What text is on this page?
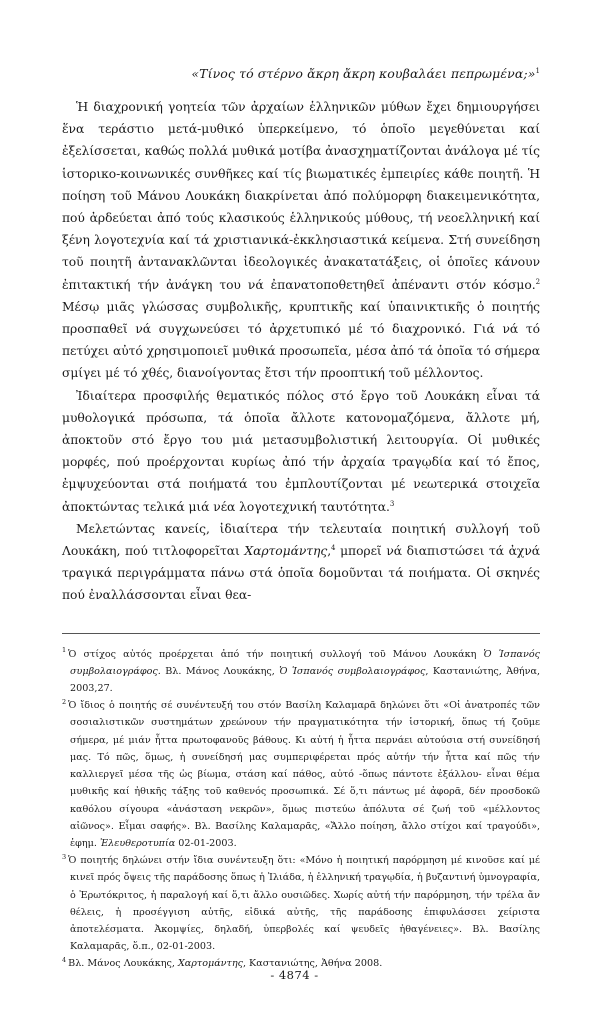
«Τίνος τό στέρνο ἄκρη ἄκρη κουβαλάει πεπρωμένα;»$^1$

Ἡ διαχρονική γοητεία τῶν ἀρχαίων ἑλληνικῶν μύθων ἔχει δημιουργήσει ἕνα τεράστιο μετά-μυθικό ὑπερκείμενο, τό ὁποῖο μεγεθύνεται καί ἐξελίσσεται, καθώς πολλά μυθικά μοτίβα ἀνασχηματίζονται ἀνάλογα μέ τίς ἱστορικο-κοινωνικές συνθῆκες καί τίς βιωματικές ἐμπειρίες κάθε ποιητῆ. Ἡ ποίηση τοῦ Μάνου Λουκάκη διακρίνεται ἀπό πολύμορφη διακειμενικότητα, πού ἀρδεύεται ἀπό τούς κλασικούς ἑλληνικούς μύθους, τή νεοελληνική καί ξένη λογοτεχνία καί τά χριστιανικά-ἐκκλησιαστικά κείμενα. Στή συνείδηση τοῦ ποιητῆ ἀντανακλῶνται ἰδεολογικές ἀνακατατάξεις, οἱ ὁποῖες κάνουν ἐπιτακτική τήν ἀνάγκη του νά ἐπανατοποθετηθεῖ ἀπέναντι στόν κόσμο.$^2$ Μέσῳ μιᾶς γλώσσας συμβολικῆς, κρυπτικῆς καί ὑπαινικτικῆς ὁ ποιητής προσπαθεῖ νά συγχωνεύσει τό ἀρχετυπικό μέ τό διαχρονικό. Γιά νά τό πετύχει αὐτό χρησιμοποιεῖ μυθικά προσωπεῖα, μέσα ἀπό τά ὁποῖα τό σήμερα σμίγει μέ τό χθές, διανοίγοντας ἔτσι τήν προοπτική τοῦ μέλλοντος.

Ἰδιαίτερα προσφιλής θεματικός πόλος στό ἔργο τοῦ Λουκάκη εἶναι τά μυθολογικά πρόσωπα, τά ὁποῖα ἄλλοτε κατονομαζόμενα, ἄλλοτε μή, ἀποκτοῦν στό ἔργο του μιά μετασυμβολιστική λειτουργία. Οἱ μυθικές μορφές, πού προέρχονται κυρίως ἀπό τήν ἀρχαία τραγῳδία καί τό ἔπος, ἐμψυχεύονται στά ποιήματά του ἐμπλουτίζονται μέ νεωτερικά στοιχεῖα ἀποκτώντας τελικά μιά νέα λογοτεχνική ταυτότητα.$^3$

Μελετώντας κανείς, ἰδιαίτερα τήν τελευταία ποιητική συλλογή τοῦ Λουκάκη, πού τιτλοφορεῖται Χαρτομάντης,$^4$ μπορεῖ νά διαπιστώσει τά ἀχνά τραγικά περιγράμματα πάνω στά ὁποῖα δομοῦνται τά ποιήματα. Οἱ σκηνές πού ἐναλλάσσονται εἶναι θεα-

$^1$ Ὁ στίχος αὐτός προέρχεται ἀπό τήν ποιητική συλλογή τοῦ Μάνου Λουκάκη Ὁ Ἱσπανός συμβολαιογράφος. Βλ. Μάνος Λουκάκης, Ὁ Ἱσπανός συμβολαιογράφος, Καστανιώτης, Ἀθήνα, 2003,27.

$^2$ Ὁ ἴδιος ὁ ποιητής σέ συνέντευξή του στόν Βασίλη Καλαμαρᾶ δηλώνει ὅτι «Οἱ ἀνατροπές τῶν σοσιαλιστικῶν συστημάτων χρεώνουν τήν πραγματικότητα τήν ἱστορική, ὅπως τή ζοῦμε σήμερα, μέ μιάν ἧττα πρωτοφανοῦς βάθους. Κι αὐτή ἡ ἧττα περνάει αὐτούσια στή συνείδησή μας. Τό πῶς, ὅμως, ἡ συνείδησή μας συμπεριφέρεται πρός αὐτήν τήν ἧττα καί πῶς τήν καλλιεργεῖ μέσα τῆς ὡς βίωμα, στάση καί πάθος, αὐτό -ὅπως πάντοτε ἐξάλλου- εἶναι θέμα μυθικῆς καί ἠθικῆς τάξης τοῦ καθενός προσωπικά. Σέ ὅ,τι πάντως μέ ἀφορᾶ, δέν προσδοκῶ καθόλου σίγουρα «ἀνάσταση νεκρῶν», ὅμως πιστεύω ἀπόλυτα σέ ζωή τοῦ «μέλλοντος αἰῶνος». Εἶμαι σαφής». Βλ. Βασίλης Καλαμαρᾶς, «Ἄλλο ποίηση, ἄλλο στίχοι καί τραγούδι», ἐφημ. Ἐλευθεροτυπία 02-01-2003.

$^3$ Ὁ ποιητής δηλώνει στήν ἴδια συνέντευξη ὅτι: «Μόνο ἡ ποιητική παρόρμηση μέ κινοῦσε καί μέ κινεῖ πρός ὄψεις τῆς παράδοσης ὅπως ἡ Ἰλιάδα, ἡ ἑλληνική τραγῳδία, ἡ βυζαντινή ὑμνογραφία, ὁ Ἐρωτόκριτος, ἡ παραλογή καί ὅ,τι ἄλλο ουσιῶδες. Χωρίς αὐτή τήν παρόρμηση, τήν τρέλα ἄν θέλεις, ἡ προσέγγιση αὐτῆς, εἰδικά αὐτῆς, τῆς παράδοσης ἐπιφυλάσσει χείριστα ἀποτελέσματα. Ἀκομψίες, δηλαδή, ὑπερβολές καί ψευδεῖς ἠθαγένειες». Βλ. Βασίλης Καλαμαρᾶς, ὅ.π., 02-01-2003.

$^4$ Βλ. Μάνος Λουκάκης, Χαρτομάντης, Καστανιώτης, Ἀθήνα 2008.

- 4874 -
